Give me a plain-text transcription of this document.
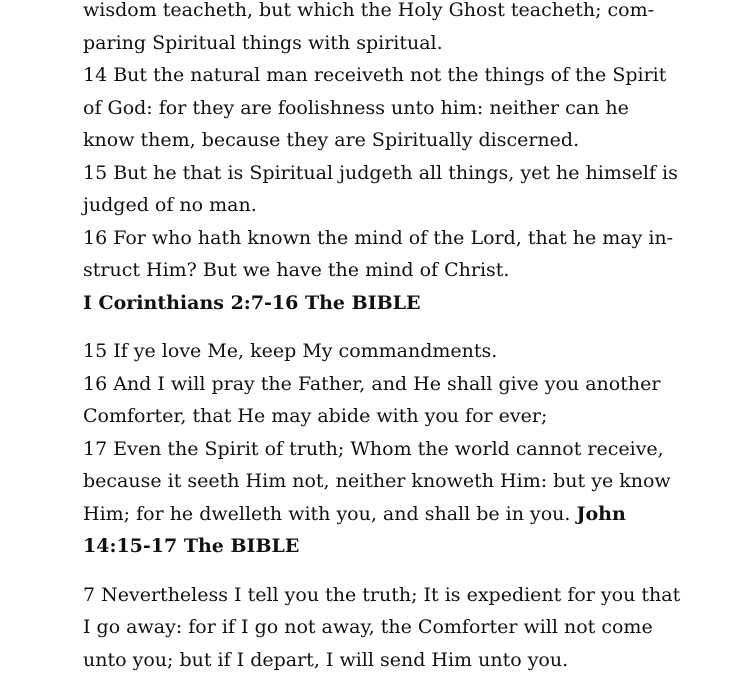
wisdom teacheth, but which the Holy Ghost teacheth; com-
paring Spiritual things with spiritual.
14 But the natural man receiveth not the things of the Spirit
of God: for they are foolishness unto him: neither can he
know them, because they are Spiritually discerned.
15 But he that is Spiritual judgeth all things, yet he himself is
judged of no man.
16 For who hath known the mind of the Lord, that he may in-
struct Him? But we have the mind of Christ.
I Corinthians 2:7-16 The BIBLE
15 If ye love Me, keep My commandments.
16 And I will pray the Father, and He shall give you another
Comforter, that He may abide with you for ever;
17 Even the Spirit of truth; Whom the world cannot receive,
because it seeth Him not, neither knoweth Him: but ye know
Him; for he dwelleth with you, and shall be in you. John
14:15-17 The BIBLE
7 Nevertheless I tell you the truth; It is expedient for you that
I go away: for if I go not away, the Comforter will not come
unto you; but if I depart, I will send Him unto you.
